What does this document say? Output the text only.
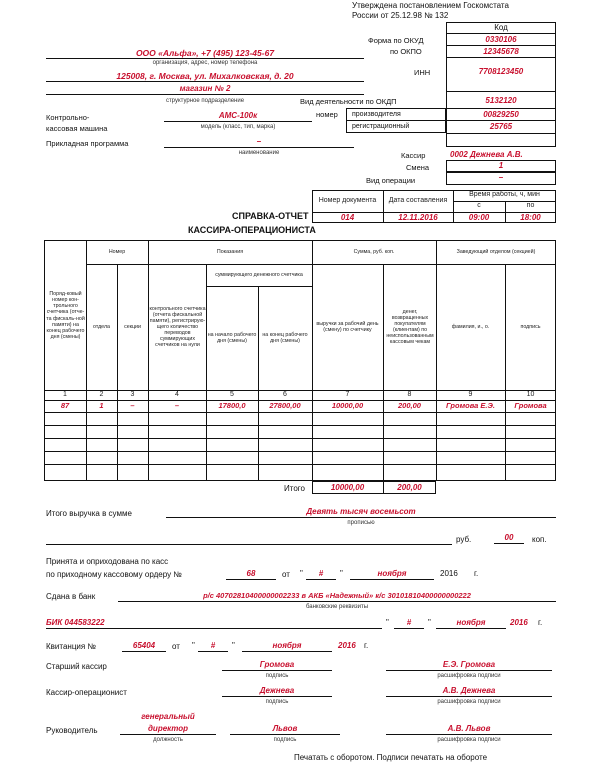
Утверждена постановлением Госкомстата
России от 25.12.98 № 132
Код
Форма по ОКУД	0330106
по ОКПО	12345678
ИНН	7708123450
Вид деятельности по ОКДП	5132120
номер производителя	00829250
регистрационный	25765
ООО «Альфа», +7 (495) 123-45-67
организация, адрес, номер телефона
125008, г. Москва, ул. Михалковская, д. 20
магазин № 2
структурное подразделение
Контрольно-
кассовая машина
АМС-100к
модель (класс, тип, марка)
Прикладная программа	–
наименование	Кассир	0002 Дежнева А.В.
Смена	1
Вид операции	–
Номер документа	Дата составления
Время работы, ч, мин
с	по
014	12.11.2016	09:00	18:00
СПРАВКА-ОТЧЕТ
КАССИРА-ОПЕРАЦИОНИСТА
Поряд-ковый номер кон-трольного счетчика (отче-та фискаль-ной памяти) на конец рабочего дня (смены)
Номер
отдела	секции
Показания
контрольного счетчика (отчета фискальной памяти), регистрирую-щего количество переводов суммирующих счетчиков на нули
суммирующего денежного счетчика
на начало рабочего дня (смены)
на конец рабочего дня (смены)
Сумма, руб. коп.
выручки за рабочий день (смену) по счетчику
денег, возвращенных покупателям (клиентам) по неиспользованным кассовым чекам
Заведующий отделом (секцией)
фамилия, и., о.	подпись
1	2	3	4	5	6	7	8	9	10
87	1	–	–	17800,0	27800,00	10000,00	200,00	Громова Е.Э.	Громова
Итого	10000,00	200,00
Итого выручка в сумме	Девять тысяч восемьсот
прописью
руб.	00	коп.
Принята и оприходована по касс
по приходному кассовому ордеру №	68	от "	#	"	ноября	2016 г.
Сдана в банк	р/с 40702810400000002233 в АКБ «Надежный» к/с 30101810400000000222
банковские реквизиты
БИК 044583222	"	#	"	ноября	2016 г.
Квитанция №	65404	от "	#	"	ноября	2016 г.
Старший кассир	Громова
подпись
Е.Э. Громова
расшифровка подписи
Кассир-операционист	Дежнева
подпись
А.В. Дежнева
расшифровка подписи
Руководитель
генеральный
директор
должность
Львов
подпись
А.В. Львов
расшифровка подписи
Печатать с оборотом. Подписи печатать на обороте
